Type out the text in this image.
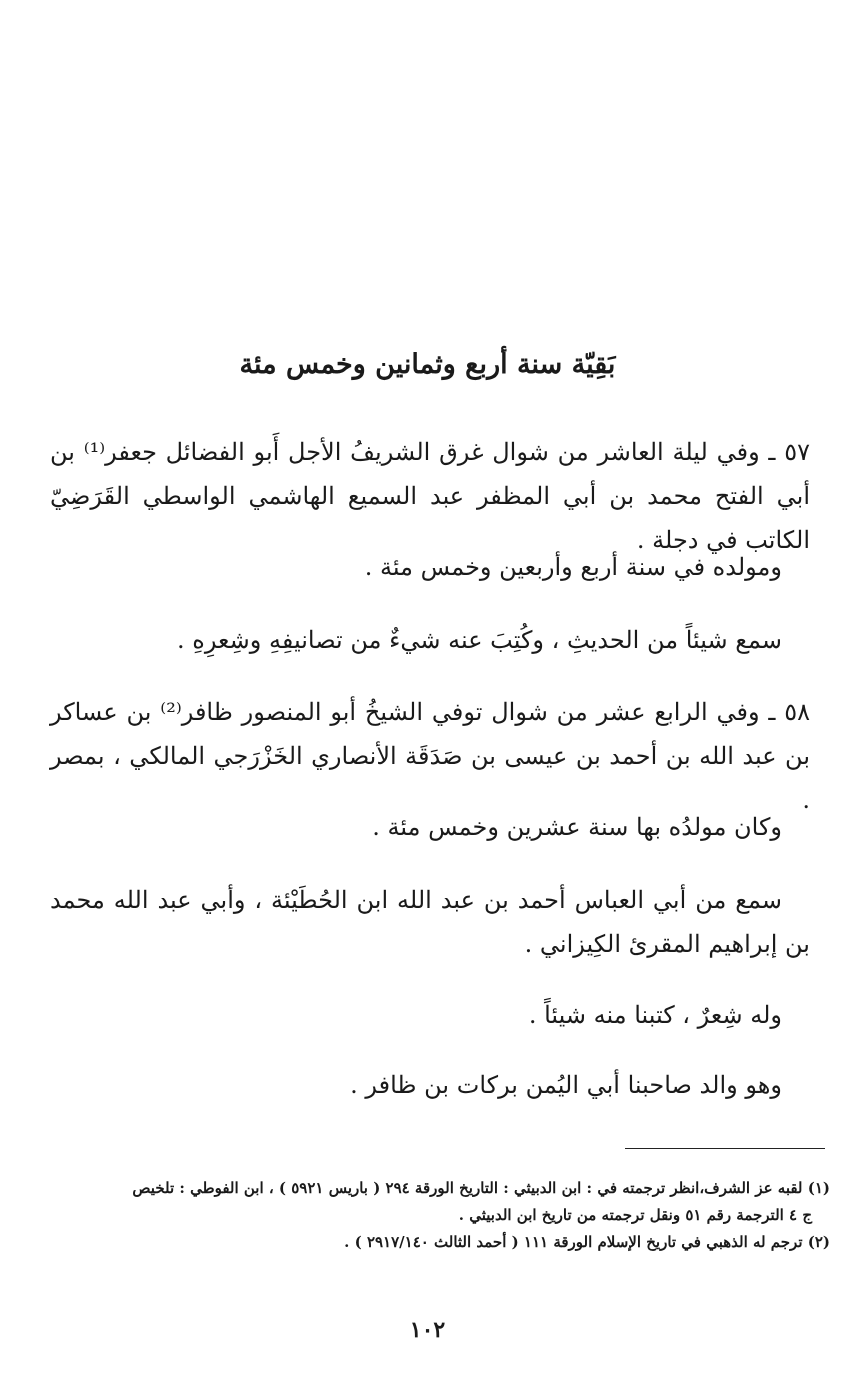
بَقِيّة سنة أربع وثمانين وخمس مئة
٥٧ ـ وفي ليلة العاشر من شوال غرق الشريفُ الأجل أَبو الفضائل جعفر⁽¹⁾ بن أبي الفتح محمد بن أبي المظفر عبد السميع الهاشمي الواسطي القَرَضِيّ الكاتب في دجلة .
ومولده في سنة أربع وأربعين وخمس مئة .
سمع شيئاً من الحديثِ ، وكُتِبَ عنه شيءٌ من تصانيفِهِ وشِعرِهِ .
٥٨ ـ وفي الرابع عشر من شوال توفي الشيخُ أبو المنصور ظافر⁽²⁾ بن عساكر بن عبد الله بن أحمد بن عيسى بن صَدَقَة الأنصاري الخَزْرَجي المالكي ، بمصر .
وكان مولدُه بها سنة عشرين وخمس مئة .
سمع من أبي العباس أحمد بن عبد الله ابن الحُطَيْئة ، وأبي عبد الله محمد بن إبراهيم المقرئ الكِيزاني .
وله شِعرٌ ، كتبنا منه شيئاً .
وهو والد صاحبنا أبي اليُمن بركات بن ظافر .

(١) لقبه عز الشرف،انظر ترجمته في : ابن الدبيثي : التاريخ الورقة ٢٩٤ ( باريس ٥٩٢١ ) ، ابن الفوطي : تلخيص

ج ٤ الترجمة رقم ٥١ ونقل ترجمته من تاريخ ابن الدبيثي .

(٢) ترجم له الذهبي في تاريخ الإسلام الورقة ١١١ ( أحمد الثالث ٢٩١٧/١٤٠ ) .

١٠٢
